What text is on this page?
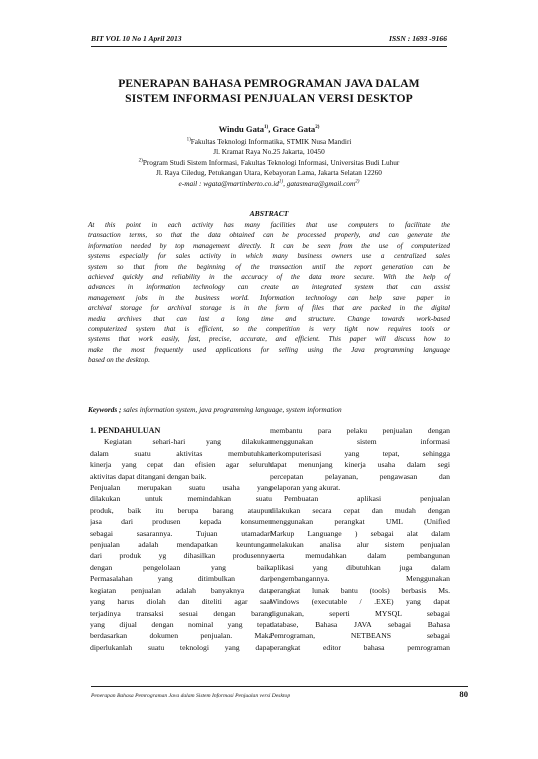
BIT VOL 10 No 1 April 2013	ISSN : 1693 -9166
PENERAPAN BAHASA PEMROGRAMAN JAVA DALAM
SISTEM INFORMASI PENJUALAN VERSI DESKTOP
Windu Gata$^{1)}$, Grace Gata$^{2)}$
$^{1)}$Fakultas Teknologi Informatika, STMIK Nusa Mandiri
Jl. Kramat Raya No.25 Jakarta, 10450
$^{2)}$Program Studi Sistem Informasi, Fakultas Teknologi Informasi, Universitas Budi Luhur
Jl. Raya Ciledug, Petukangan Utara, Kebayoran Lama, Jakarta Selatan 12260
e-mail : $wgata@martinberto.co.id^{1)}$, gatasmara@gmail.com$^{2)}$
ABSTRACT
At this point in each activity has many facilities that use computers to facilitate the
transaction terms, so that the data obtained can be processed properly, and can generate the
information needed by top management directly. It can be seen from the use of computerized
systems especially for sales activity in which many business owners use a centralized sales
system so that from the beginning of the transaction until the report generation can be
achieved quickly and reliability in the accuracy of the data more secure. With the help of
advances in information technology can create an integrated system that can assist
management jobs in the business world. Information technology can help save paper in
archival storage for archival storage is in the form of files that are packed in the digital
media archives that can last a long time and structure. Change towards work-based
computerized system that is efficient, so the competition is very tight now requires tools or
systems that work easily, fast, precise, accurate, and efficient. This paper will discuss how to
make the most frequently used applications for selling using the Java programming language
based on the desktop.
Keywords ; sales information system, java programming language, system information
1. PENDAHULUAN
Kegiatan sehari-hari yang dilakukan
dalam suatu aktivitas membutuhkan
kinerja yang cepat dan efisien agar seluruh
aktivitas dapat ditangani dengan baik.
Penjualan merupakan suatu usaha yang
dilakukan untuk memindahkan suatu
produk, baik itu berupa barang ataupun
jasa dari produsen kepada konsumen
sebagai sasarannya. Tujuan utamadari
penjualan adalah mendapatkan keuntungan
dari produk yg dihasilkan produsennya
dengan pengelolaan yang baik.
Permasalahan yang ditimbulkan dari
kegiatan penjualan adalah banyaknya data
yang harus diolah dan diteliti agar saat
terjadinya transaksi sesuai dengan barang
yang dijual dengan nominal yang tepat
berdasarkan dokumen penjualan. Maka
diperlukanlah suatu teknologi yang dapat
membantu para pelaku penjualan dengan
menggunakan sistem informasi
terkomputerisasi yang tepat, sehingga
dapat menunjang kinerja usaha dalam segi
percepatan pelayanan, pengawasan dan
pelaporan yang akurat.
Pembuatan aplikasi penjualan
dilakukan secara cepat dan mudah dengan
menggunakan perangkat UML (Unified
Markup Languange ) sebagai alat dalam
melakukan analisa alur sistem penjualan
serta memudahkan dalam pembangunan
aplikasi yang dibutuhkan juga dalam
pengembangannya. Menggunakan
perangkat lunak bantu (tools) berbasis Ms.
Windows (executable / .EXE) yang dapat
digunakan, seperti MYSQL sebagai
database, Bahasa JAVA sebagai Bahasa
Pemrograman, NETBEANS sebagai
perangkat editor bahasa pemrograman
Penerapan Bahasa Pemrograman Java dalam Sistem Informasi Penjualan versi Desktop	80
